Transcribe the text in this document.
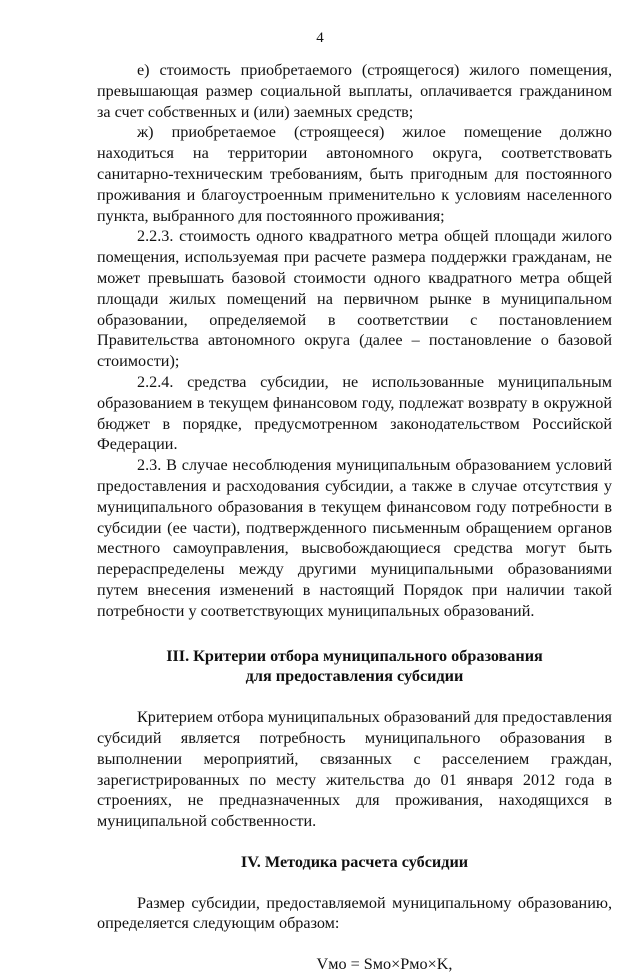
4

е) стоимость приобретаемого (строящегося) жилого помещения, превышающая размер социальной выплаты, оплачивается гражданином за счет собственных и (или) заемных средств;

ж) приобретаемое (строящееся) жилое помещение должно находиться на территории автономного округа, соответствовать санитарно-техническим требованиям, быть пригодным для постоянного проживания и благоустроенным применительно к условиям населенного пункта, выбранного для постоянного проживания;

2.2.3. стоимость одного квадратного метра общей площади жилого помещения, используемая при расчете размера поддержки гражданам, не может превышать базовой стоимости одного квадратного метра общей площади жилых помещений на первичном рынке в муниципальном образовании, определяемой в соответствии с постановлением Правительства автономного округа (далее – постановление о базовой стоимости);

2.2.4. средства субсидии, не использованные муниципальным образованием в текущем финансовом году, подлежат возврату в окружной бюджет в порядке, предусмотренном законодательством Российской Федерации.

2.3. В случае несоблюдения муниципальным образованием условий предоставления и расходования субсидии, а также в случае отсутствия у муниципального образования в текущем финансовом году потребности в субсидии (ее части), подтвержденного письменным обращением органов местного самоуправления, высвобождающиеся средства могут быть перераспределены между другими муниципальными образованиями путем внесения изменений в настоящий Порядок при наличии такой потребности у соответствующих муниципальных образований.

III. Критерии отбора муниципального образования

для предоставления субсидии

Критерием отбора муниципальных образований для предоставления субсидий является потребность муниципального образования в выполнении мероприятий, связанных с расселением граждан, зарегистрированных по месту жительства до 01 января 2012 года в строениях, не предназначенных для проживания, находящихся в муниципальной собственности.

IV. Методика расчета субсидии

Размер субсидии, предоставляемой муниципальному образованию, определяется следующим образом:

Vмо = Sмо×Pмо×K,
